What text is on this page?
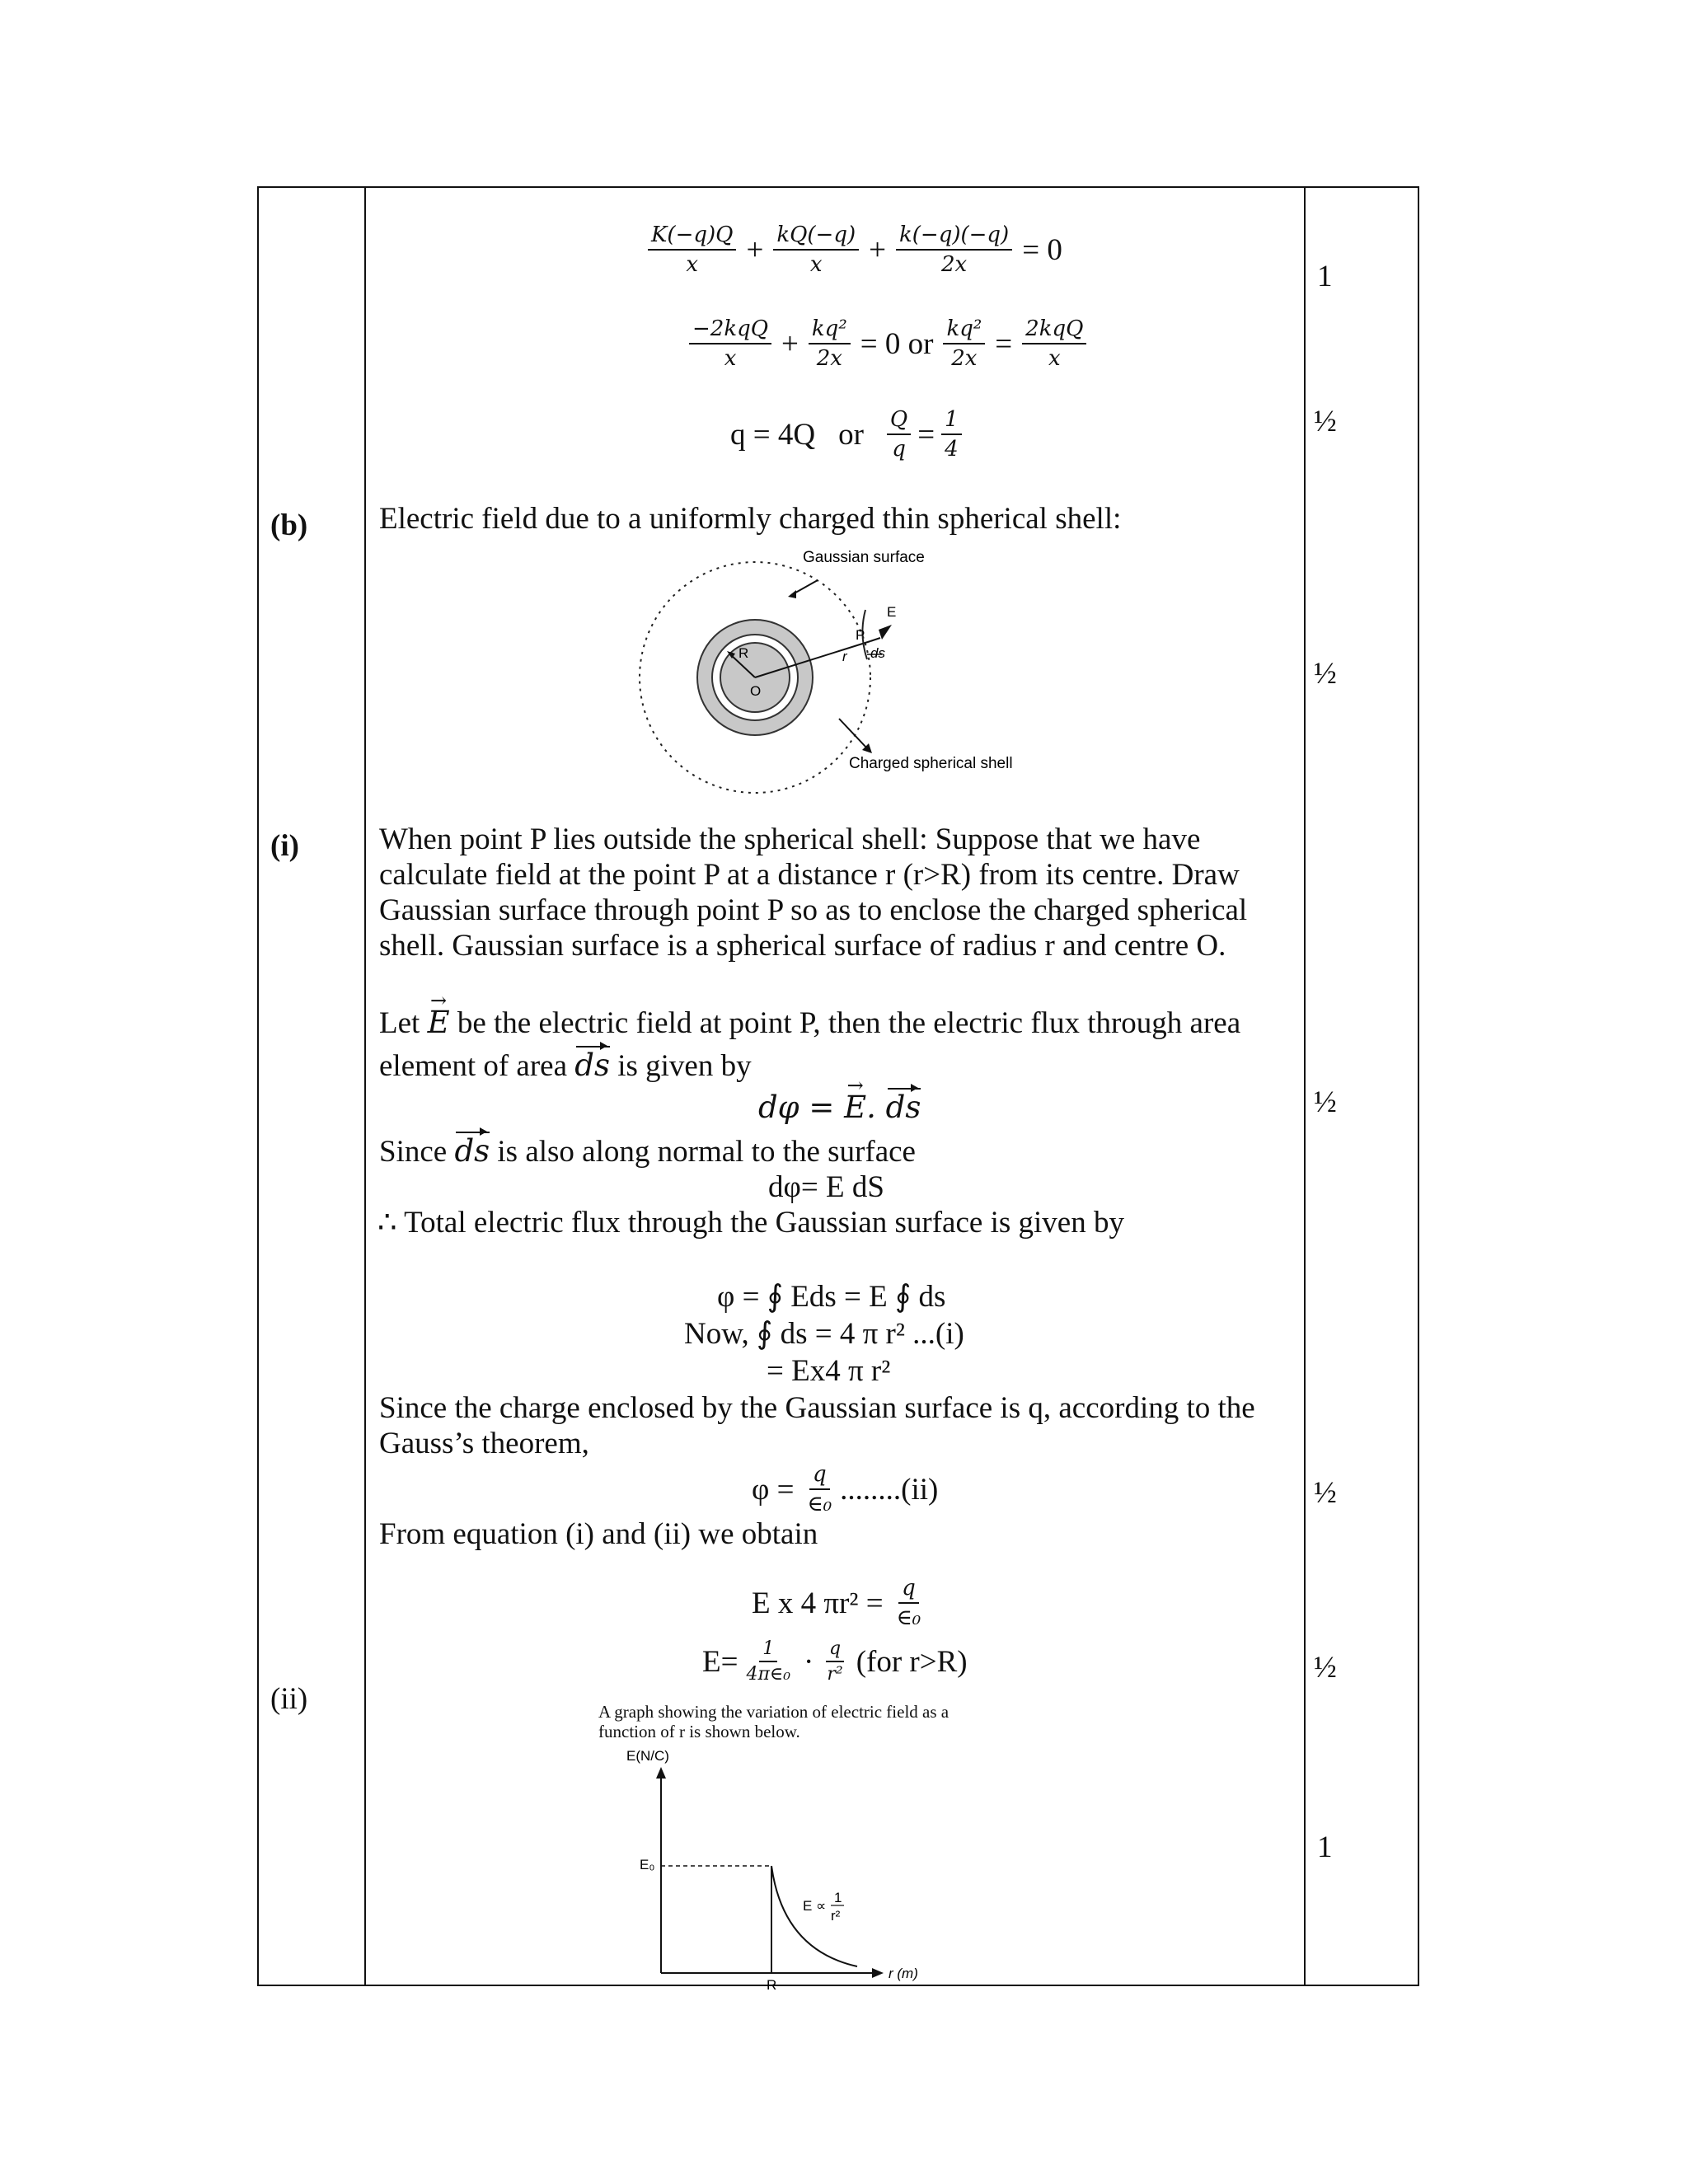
(b)
(i)
(ii)
1
½
½
½
½
½
1
$\frac{K(-q)Q}{x} + \frac{kQ(-q)}{x} + \frac{k(-q)(-q)}{2x} = 0$
$\frac{\text{−2kqQ}}{x} + \frac{\text{kq²}}{2x} = 0$ or $\frac{\text{kq²}}{2x} = \frac{\text{2kqQ}}{x}$
q = 4Q or $\frac{Q}{q} = \frac{1}{4}$
Electric field due to a uniformly charged thin spherical shell:
Gaussian surface
E
P
ds
r
R
O
Charged spherical shell
When point P lies outside the spherical shell: Suppose that we have
calculate field at the point P at a distance r (r>R) from its centre. Draw
Gaussian surface through point P so as to enclose the charged spherical
shell. Gaussian surface is a spherical surface of radius r and centre O.
Let E → be the electric field at point P, then the electric flux through area
element of area ds is given by
dφ = E →. ds
Since ds is also along normal to the surface
dφ= E dS
∴ Total electric flux through the Gaussian surface is given by
φ = ∮ Eds = E ∮ ds
Now, ∮ ds = 4 π r² ...(i)
= Ex4 π r²
Since the charge enclosed by the Gaussian surface is q, according to the
Gauss’s theorem,
$\varphi = \frac{q}{\text{∈₀}} ........(ii)$
From equation (i) and (ii) we obtain
E x 4 $\pi r^2 = \frac{q}{\text{∈₀}}$
$E= \frac{1}{\text{4π∈₀}} \cdot \frac{q}{\text{r²}} (for$ r>R)
A graph showing the variation of electric field as a
function of r is shown below.
E(N/C)
E₀
E ∝
1
r²
R
r (m)
